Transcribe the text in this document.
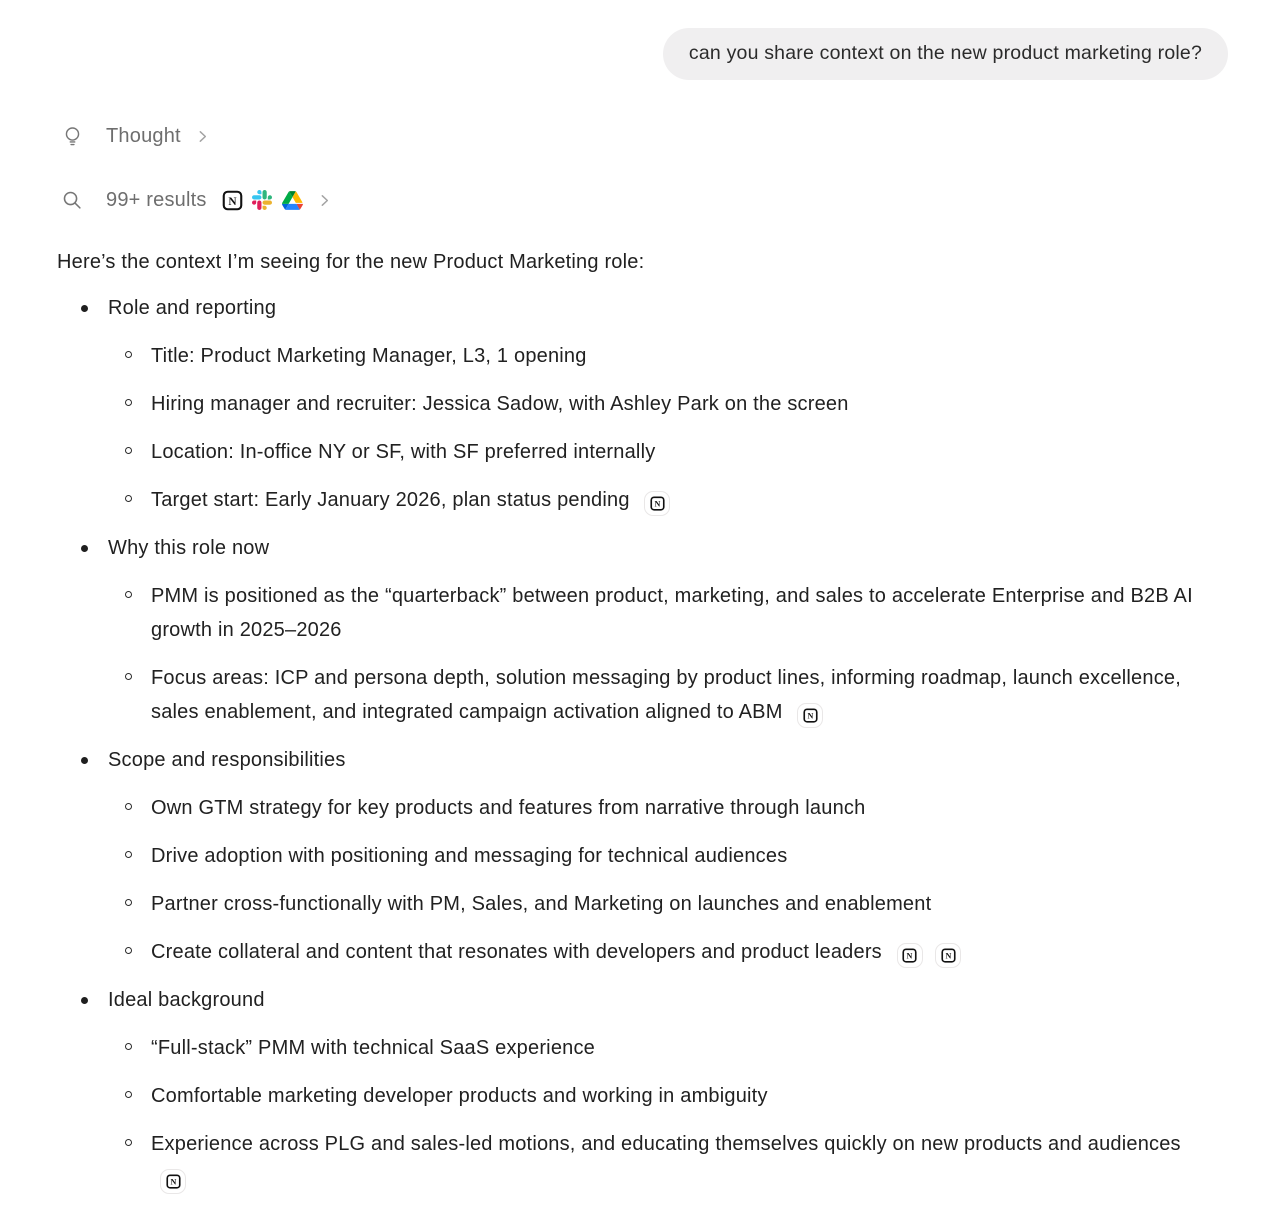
can you share context on the new product marketing role?
Thought
99+ results N

Here’s the context I’m seeing for the new Product Marketing role:

Role and reporting
Title: Product Marketing Manager, L3, 1 opening
Hiring manager and recruiter: Jessica Sadow, with Ashley Park on the screen
Location: In-office NY or SF, with SF preferred internally
Target start: Early January 2026, plan status pending N
Why this role now
PMM is positioned as the “quarterback” between product, marketing, and sales to accelerate Enterprise and B2B AI growth in 2025–2026
Focus areas: ICP and persona depth, solution messaging by product lines, informing roadmap, launch excellence, sales enablement, and integrated campaign activation aligned to ABM N
Scope and responsibilities
Own GTM strategy for key products and features from narrative through launch
Drive adoption with positioning and messaging for technical audiences
Partner cross-functionally with PM, Sales, and Marketing on launches and enablement
Create collateral and content that resonates with developers and product leaders N
	N
Ideal background
“Full-stack” PMM with technical SaaS experience
Comfortable marketing developer products and working in ambiguity
Experience across PLG and sales-led motions, and educating themselves quickly on new products and audiences
N
